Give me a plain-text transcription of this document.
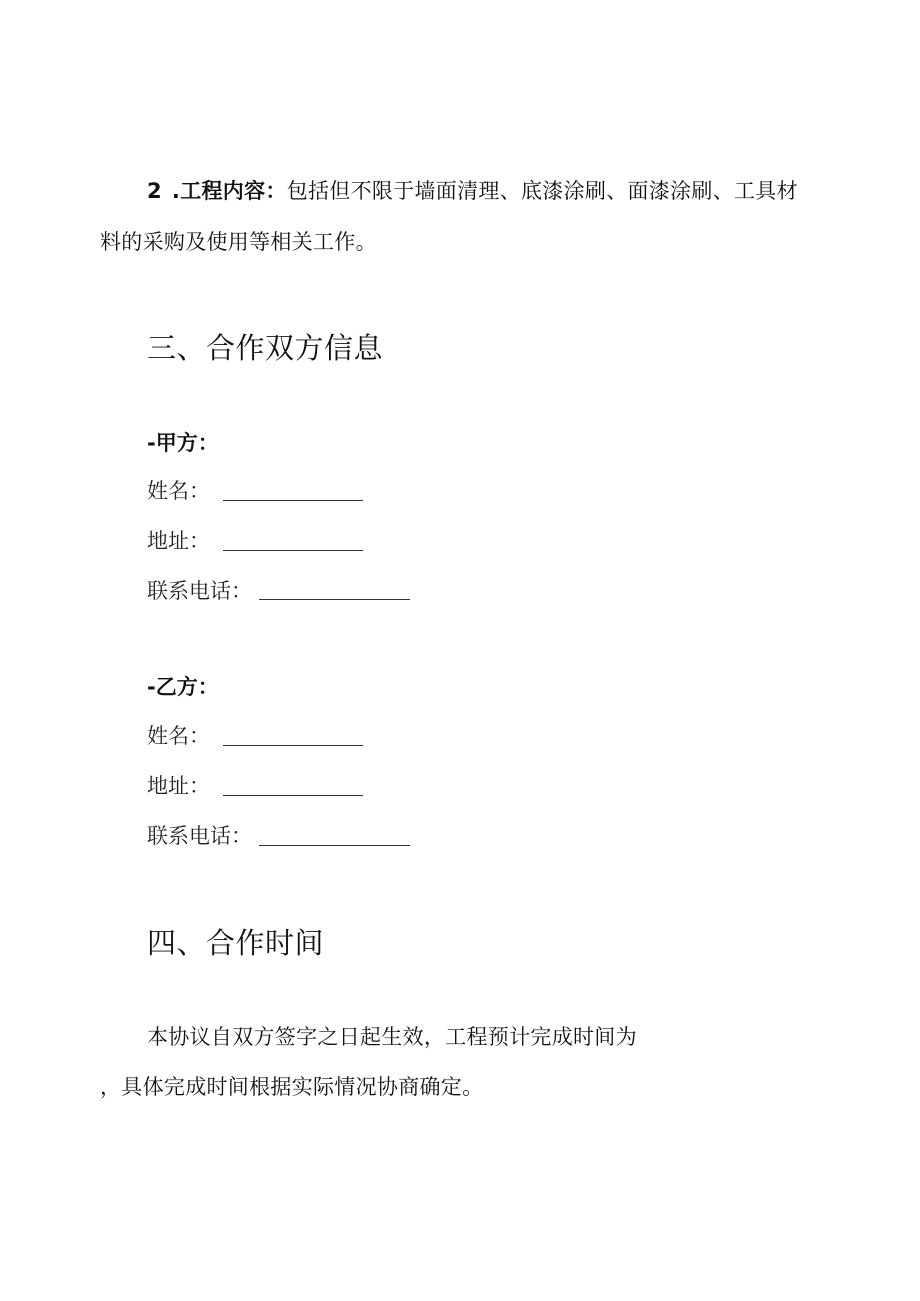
2 .工程内容：包括但不限于墙面清理、底漆涂刷、面漆涂刷、工具材
料的采购及使用等相关工作。
三、合作双方信息
-甲方：
姓名：
地址：
联系电话：
-乙方：
姓名：
地址：
联系电话：
四、合作时间
本协议自双方签字之日起生效，工程预计完成时间为
，具体完成时间根据实际情况协商确定。
